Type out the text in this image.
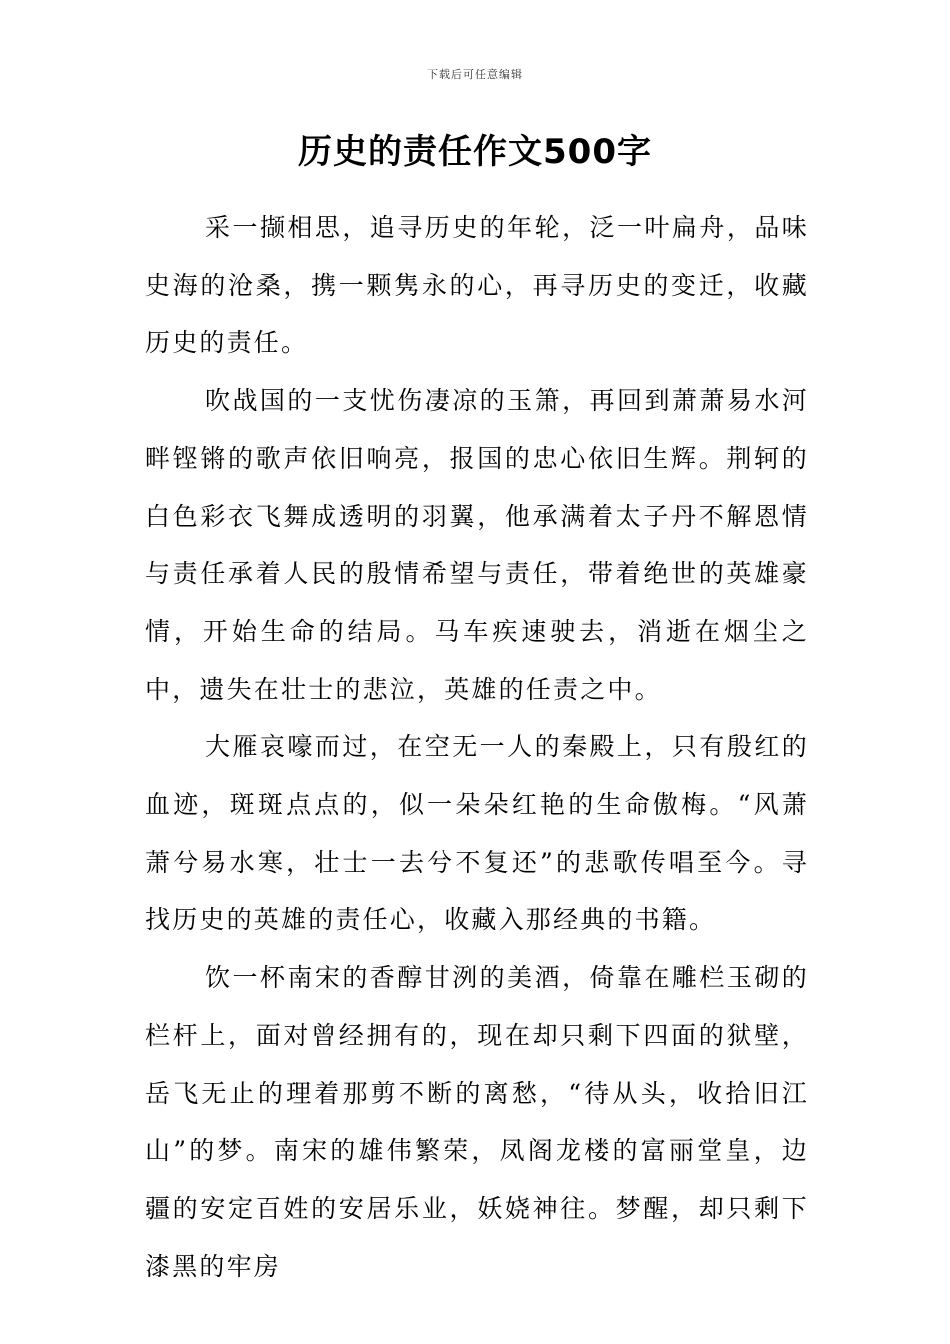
下载后可任意编辑
历史的责任作文500字

采一撷相思，追寻历史的年轮，泛一叶扁舟，品味史海的沧桑，携一颗隽永的心，再寻历史的变迁，收藏历史的责任。

吹战国的一支忧伤凄凉的玉箫，再回到萧萧易水河畔铿锵的歌声依旧响亮，报国的忠心依旧生辉。荆轲的白色彩衣飞舞成透明的羽翼，他承满着太子丹不解恩情与责任承着人民的殷情希望与责任，带着绝世的英雄豪情，开始生命的结局。马车疾速驶去，消逝在烟尘之中，遗失在壮士的悲泣，英雄的任责之中。

大雁哀嚎而过，在空无一人的秦殿上，只有殷红的血迹，斑斑点点的，似一朵朵红艳的生命傲梅。“风萧萧兮易水寒，壮士一去兮不复还”的悲歌传唱至今。寻找历史的英雄的责任心，收藏入那经典的书籍。

饮一杯南宋的香醇甘洌的美酒，倚靠在雕栏玉砌的栏杆上，面对曾经拥有的，现在却只剩下四面的狱壁，岳飞无止的理着那剪不断的离愁，“待从头，收拾旧江山”的梦。南宋的雄伟繁荣，凤阁龙楼的富丽堂皇，边疆的安定百姓的安居乐业，妖娆神往。梦醒，却只剩下漆黑的牢房
